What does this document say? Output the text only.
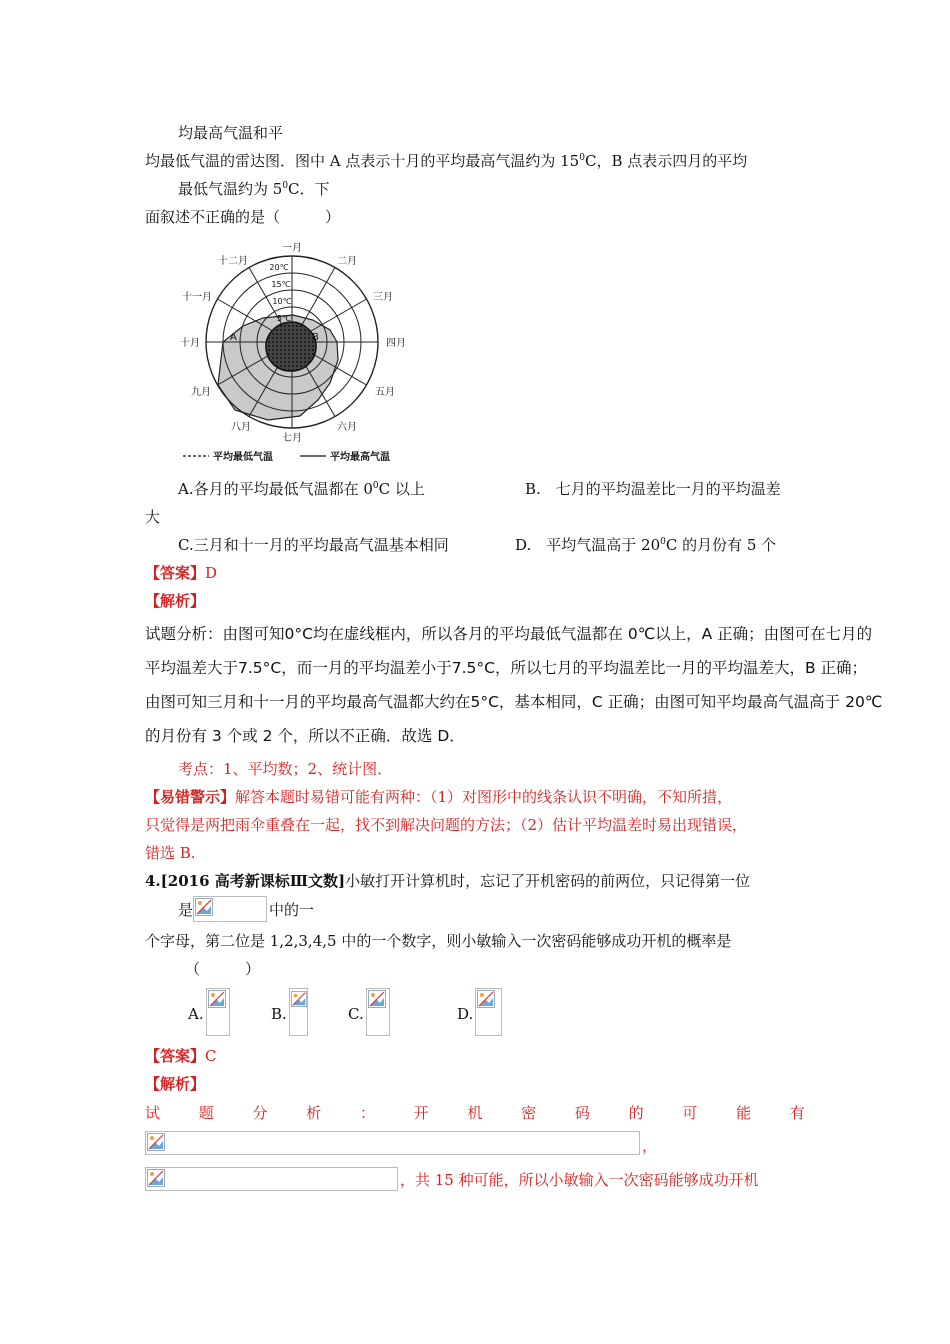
均最高气温和平
均最低气温的雷达图．图中 A 点表示十月的平均最高气温约为 $15^0C$，B 点表示四月的平均
最低气温约为 $5^0C$．下
面叙述不正确的是（　　　）
一月
二月
三月
四月
五月
六月
七月
八月
九月
十月
十一月
十二月
20℃
15℃
10℃
5℃
A	B
平均最低气温	平均最高气温
A.各月的平均最低气温都在 $0^0C$ 以上	B.　七月的平均温差比一月的平均温差
大
C.三月和十一月的平均最高气温基本相同	D.　平均气温高于 $20^0C$ 的月份有 5 个
【答案】D
【解析】
试题分析：由图可知0°C均在虚线框内，所以各月的平均最低气温都在 0℃以上，A 正确；由图可在七月的
平均温差大于7.5°C，而一月的平均温差小于7.5°C，所以七月的平均温差比一月的平均温差大，B 正确；
由图可知三月和十一月的平均最高气温都大约在5°C，基本相同，C 正确；由图可知平均最高气温高于 20℃
的月份有 3 个或 2 个，所以不正确．故选 D．
考点：1、平均数；2、统计图．
【易错警示】解答本题时易错可能有两种：（1）对图形中的线条认识不明确，不知所措，
只觉得是两把雨伞重叠在一起，找不到解决问题的方法；（2）估计平均温差时易出现错误，
错选 B.
4.[2016 高考新课标Ⅲ文数]小敏打开计算机时，忘记了开机密码的前两位，只记得第一位
是	中的一
个字母，第二位是 1,2,3,4,5 中的一个数字，则小敏输入一次密码能够成功开机的概率是
（　　　）
A.	B.	C.	D.
【答案】C
【解析】
试	题	分	析	：	开	机	密	码	的	可	能	有
，
，共 15 种可能，所以小敏输入一次密码能够成功开机
